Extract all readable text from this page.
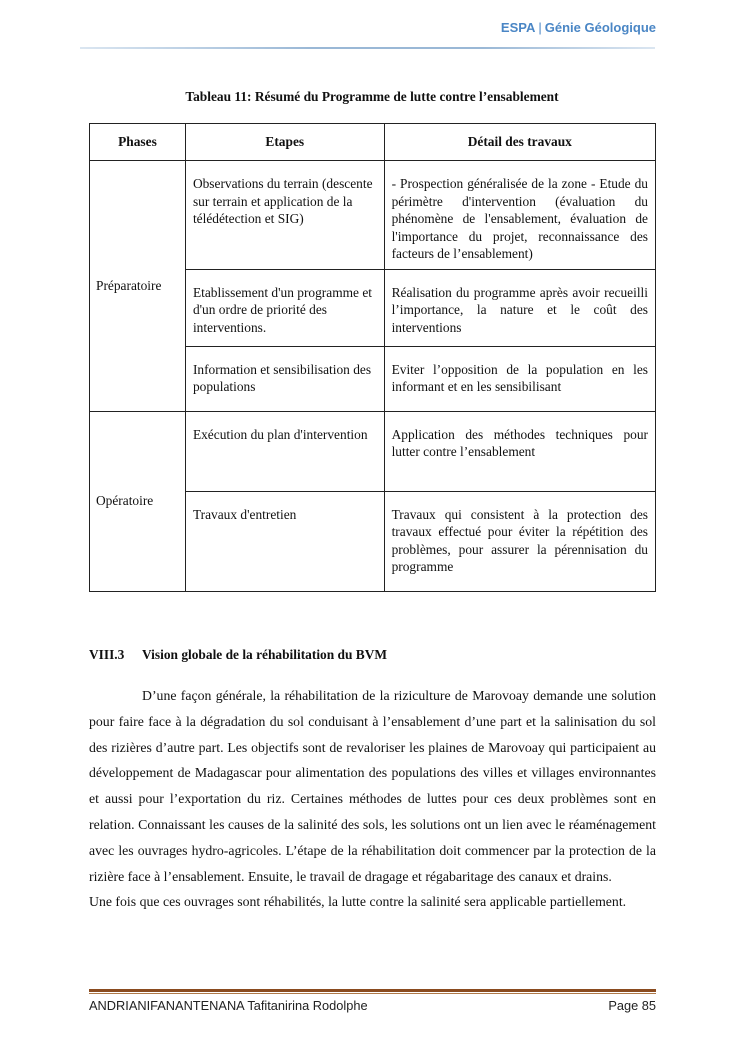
ESPA | Génie Géologique
Tableau 11: Résumé du Programme de lutte contre l’ensablement
Phases	Etapes	Détail des travaux
Préparatoire	Observations du terrain (descente sur terrain et application de la télédétection et SIG)	- Prospection généralisée de la zone - Etude du périmètre d'intervention (évaluation du phénomène de l'ensablement, évaluation de l'importance du projet, reconnaissance des facteurs de l’ensablement)
	Etablissement d'un programme et d'un ordre de priorité des interventions.	Réalisation du programme après avoir recueilli l’importance, la nature et le coût des interventions
	Information et sensibilisation des populations	Eviter l’opposition de la population en les informant et en les sensibilisant
Opératoire	Exécution du plan d'intervention	Application des méthodes techniques pour lutter contre l’ensablement
	Travaux d'entretien	Travaux qui consistent à la protection des travaux effectué pour éviter la répétition des problèmes, pour assurer la pérennisation du programme
VIII.3 Vision globale de la réhabilitation du BVM

D’une façon générale, la réhabilitation de la riziculture de Marovoay demande une solution pour faire face à la dégradation du sol conduisant à l’ensablement d’une part et la salinisation du sol des rizières d’autre part. Les objectifs sont de revaloriser les plaines de Marovoay qui participaient au développement de Madagascar pour alimentation des populations des villes et villages environnantes et aussi pour l’exportation du riz. Certaines méthodes de luttes pour ces deux problèmes sont en relation. Connaissant les causes de la salinité des sols, les solutions ont un lien avec le réaménagement avec les ouvrages hydro-agricoles. L’étape de la réhabilitation doit commencer par la protection de la rizière face à l’ensablement. Ensuite, le travail de dragage et régabaritage des canaux et drains.

Une fois que ces ouvrages sont réhabilités, la lutte contre la salinité sera applicable partiellement.

ANDRIANIFANANTENANA Tafitanirina Rodolphe	Page 85
